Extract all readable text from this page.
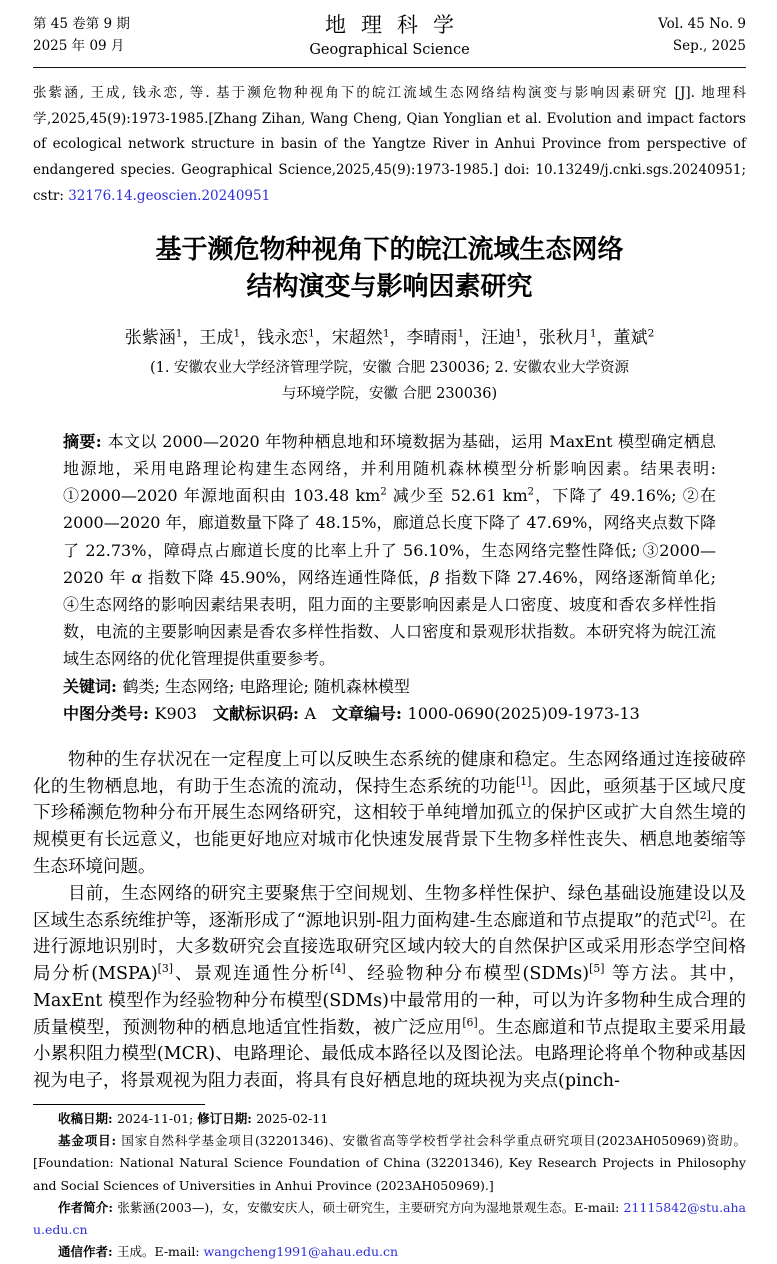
第 45 卷第 9 期
2025 年 09 月
地理科学
Geographical Science
Vol. 45 No. 9
Sep., 2025
张紫涵, 王成, 钱永恋, 等. 基于濒危物种视角下的皖江流域生态网络结构演变与影响因素研究 [J]. 地理科学,2025,45(9):1973-1985.[Zhang Zihan, Wang Cheng, Qian Yonglian et al. Evolution and impact factors of ecological network structure in basin of the Yangtze River in Anhui Province from perspective of endangered species. Geographical Science,2025,45(9):1973-1985.] doi: 10.13249/j.cnki.sgs.20240951; cstr: 32176.14.geoscien.20240951
基于濒危物种视角下的皖江流域生态网络
结构演变与影响因素研究
张紫涵$^1$，王成$^1$，钱永恋$^1$，宋超然$^1$，李晴雨$^1$，汪迪$^1$，张秋月$^1$，董斌$^2$
(1. 安徽农业大学经济管理学院，安徽 合肥 230036; 2. 安徽农业大学资源
与环境学院，安徽 合肥 230036)

摘要: 本文以 2000—2020 年物种栖息地和环境数据为基础，运用 MaxEnt 模型确定栖息地源地，采用电路理论构建生态网络，并利用随机森林模型分析影响因素。结果表明: ①2000—2020 年源地面积由 103.48 $km^2$ 减少至 52.61 $km^2$，下降了 49.16%; ②在 2000—2020 年，廊道数量下降了 48.15%，廊道总长度下降了 47.69%，网络夹点数下降了 22.73%，障碍点占廊道长度的比率上升了 56.10%，生态网络完整性降低; ③2000—2020 年 α 指数下降 45.90%，网络连通性降低，β 指数下降 27.46%，网络逐渐简单化; ④生态网络的影响因素结果表明，阻力面的主要影响因素是人口密度、坡度和香农多样性指数，电流的主要影响因素是香农多样性指数、人口密度和景观形状指数。本研究将为皖江流域生态网络的优化管理提供重要参考。

关键词: 鹤类; 生态网络; 电路理论; 随机森林模型

中图分类号: K903　文献标识码: A　文章编号: 1000-0690(2025)09-1973-13

物种的生存状况在一定程度上可以反映生态系统的健康和稳定。生态网络通过连接破碎化的生物栖息地，有助于生态流的流动，保持生态系统的功能[1]。因此，亟须基于区域尺度下珍稀濒危物种分布开展生态网络研究，这相较于单纯增加孤立的保护区或扩大自然生境的规模更有长远意义，也能更好地应对城市化快速发展背景下生物多样性丧失、栖息地萎缩等生态环境问题。

目前，生态网络的研究主要聚焦于空间规划、生物多样性保护、绿色基础设施建设以及区域生态系统维护等，逐渐形成了“源地识别-阻力面构建-生态廊道和节点提取”的范式[2]。在进行源地识别时，大多数研究会直接选取研究区域内较大的自然保护区或采用形态学空间格局分析(MSPA)[3]、景观连通性分析[4]、经验物种分布模型(SDMs)[5] 等方法。其中，MaxEnt 模型作为经验物种分布模型(SDMs)中最常用的一种，可以为许多物种生成合理的质量模型，预测物种的栖息地适宜性指数，被广泛应用[6]。生态廊道和节点提取主要采用最小累积阻力模型(MCR)、电路理论、最低成本路径以及图论法。电路理论将单个物种或基因视为电子，将景观视为阻力表面，将具有良好栖息地的斑块视为夹点(pinch-

收稿日期: 2024-11-01; 修订日期: 2025-02-11

基金项目: 国家自然科学基金项目(32201346)、安徽省高等学校哲学社会科学重点研究项目(2023AH050969)资助。[Foundation: National Natural Science Foundation of China (32201346), Key Research Projects in Philosophy and Social Sciences of Universities in Anhui Province (2023AH050969).]

作者简介: 张紫涵(2003—)，女，安徽安庆人，硕士研究生，主要研究方向为湿地景观生态。E-mail: 21115842@stu.ahau.edu.cn

通信作者: 王成。E-mail: wangcheng1991@ahau.edu.cn
